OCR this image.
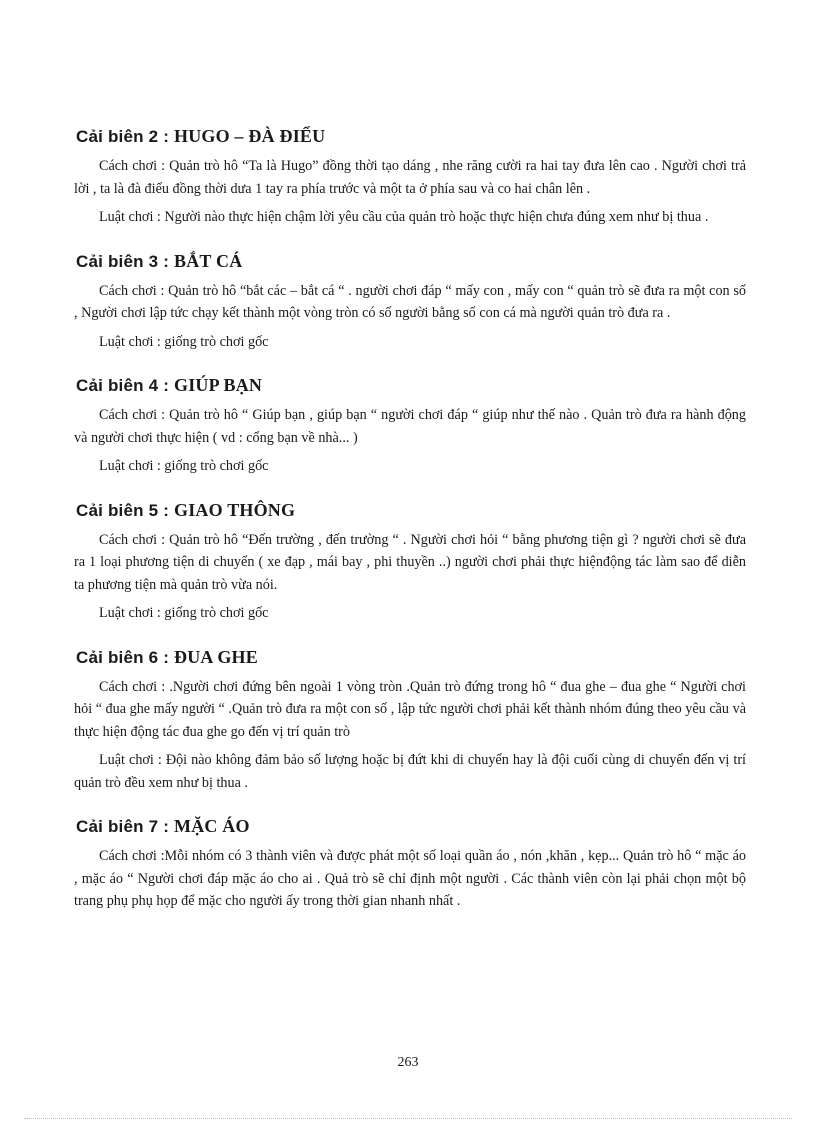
Cải biên 2 : HUGO – ĐÀ ĐIỂU

Cách chơi : Quản trò hô “Ta là Hugo” đồng thời tạo dáng , nhe răng cười ra hai tay đưa lên cao . Người chơi trả lời , ta là đà điểu đồng thời dưa 1 tay ra phía trước và một ta ở phía sau và co hai chân lên .

Luật chơi : Người nào thực hiện chậm lời yêu cầu của quản trò hoặc thực hiện chưa đúng xem như bị thua .

Cải biên 3 : BẮT CÁ

Cách chơi : Quản trò hô “bắt các – bắt cá “ . người chơi đáp “ mấy con , mấy con “ quản trò sẽ đưa ra một con số , Người chơi lập tức chạy kết thành một vòng tròn có số người bằng số con cá mà người quản trò đưa ra .

Luật chơi : giống trò chơi gốc

Cải biên 4 : GIÚP BẠN

Cách chơi : Quản trò hô “ Giúp bạn , giúp bạn “ người chơi đáp “ giúp như thế nào . Quản trò đưa ra hành động và người chơi thực hiện ( vd : cổng bạn về nhà... )

Luật chơi : giống trò chơi gốc

Cải biên 5 : GIAO THÔNG

Cách chơi : Quản trò hô “Đến trường , đến trường “ . Người chơi hỏi “ bằng phương tiện gì ? người chơi sẽ đưa ra 1 loại phương tiện di chuyển ( xe đạp , mái bay , phi thuyền ..) người chơi phải thực hiệnđộng tác làm sao để diễn ta phương tiện mà quản trò vừa nói.

Luật chơi : giống trò chơi gốc

Cải biên 6 : ĐUA GHE

Cách chơi : .Người chơi đứng bên ngoài 1 vòng tròn .Quản trò đứng trong hô “ đua ghe – đua ghe “ Người chơi hỏi “ đua ghe mấy người “ .Quản trò đưa ra một con số , lập tức người chơi phải kết thành nhóm đúng theo yêu cầu và thực hiện động tác đua ghe go đến vị trí quản trò

Luật chơi : Đội nào không đảm bảo số lượng hoặc bị đứt khi di chuyển hay là đội cuối cùng di chuyển đến vị trí quản trò đều xem như bị thua .

Cải biên 7 : MẶC ÁO

Cách chơi :Mỗi nhóm có 3 thành viên và được phát một số loại quần áo , nón ,khăn , kẹp... Quản trò hô “ mặc áo , mặc áo “ Người chơi đáp mặc áo cho ai . Quả trò sẽ chỉ định một người . Các thành viên còn lại phải chọn một bộ trang phụ phụ họp để mặc cho người ấy trong thời gian nhanh nhất .

263
